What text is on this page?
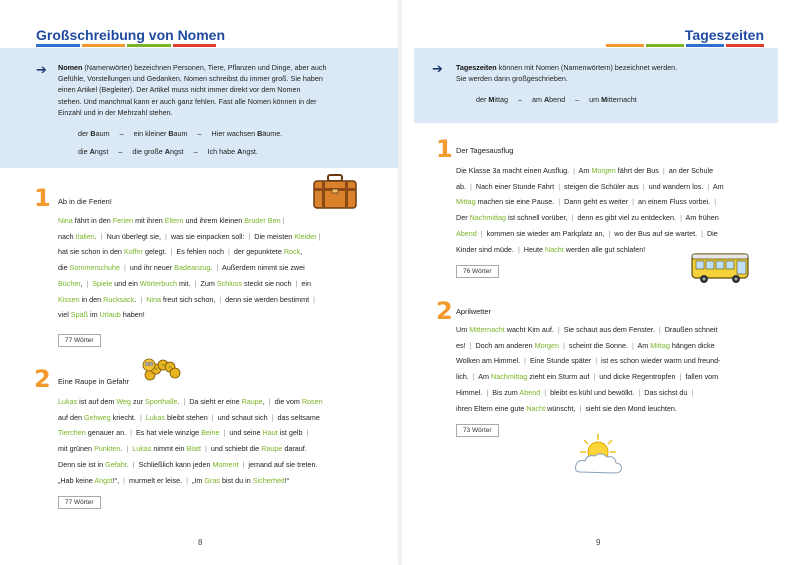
Großschreibung von Nomen
➔ Nomen (Namenwörter) bezeichnen Personen, Tiere, Pflanzen und Dinge, aber auch
Gefühle, Vorstellungen und Gedanken. Nomen schreibst du immer groß. Sie haben
einen Artikel (Begleiter). Der Artikel muss nicht immer direkt vor dem Nomen
stehen. Und manchmal kann er auch ganz fehlen. Fast alle Nomen können in der
Einzahl und in der Mehrzahl stehen.
der Baum – ein kleiner Baum – Hier wachsen Bäume.
die Angst – die große Angst – Ich habe Angst.
1 Ab in die Ferien!
Nina fährt in den Ferien mit ihren Eltern und ihrem kleinen Bruder Ben |
nach Italien. | Nun überlegt sie, | was sie einpacken soll: | Die meisten Kleider |
hat sie schon in den Koffer gelegt. | Es fehlen noch | der gepunktete Rock,
die Sommerschuhe | und ihr neuer Badeanzug. | Außerdem nimmt sie zwei
Bücher, | Spiele und ein Wörterbuch mit. | Zum Schluss steckt sie noch | ein
Kissen in den Rucksack. | Nina freut sich schon, | denn sie werden bestimmt |
viel Spaß im Urlaub haben!
77 Wörter
2 Eine Raupe in Gefahr
Lukas ist auf dem Weg zur Sporthalle. | Da sieht er eine Raupe, | die vom Rosen
auf den Gehweg kriecht. | Lukas bleibt stehen | und schaut sich | das seltsame
Tierchen genauer an. | Es hat viele winzige Beine | und seine Haut ist gelb |
mit grünen Punkten. | Lukas nimmt ein Blatt | und schiebt die Raupe darauf.
Denn sie ist in Gefahr. | Schließlich kann jeden Moment | jemand auf sie treten.
„Hab keine Angst!“, | murmelt er leise. | „Im Gras bist du in Sicherheit!“
77 Wörter
8
Tageszeiten
➔ Tageszeiten können mit Nomen (Namenwörtern) bezeichnet werden.
Sie werden dann großgeschrieben.
der Mittag – am Abend – um Mitternacht
1 Der Tagesausflug
Die Klasse 3a macht einen Ausflug. | Am Morgen fährt der Bus | an der Schule
ab. | Nach einer Stunde Fahrt | steigen die Schüler aus | und wandern los. | Am
Mittag machen sie eine Pause. | Dann geht es weiter | an einem Fluss vorbei. |
Der Nachmittag ist schnell vorüber, | denn es gibt viel zu entdecken. | Am frühen
Abend | kommen sie wieder am Parkplatz an, | wo der Bus auf sie wartet. | Die
Kinder sind müde. | Heute Nacht werden alle gut schlafen!
76 Wörter
2 Aprilwetter
Um Mitternacht wacht Kim auf. | Sie schaut aus dem Fenster. | Draußen schneit
es! | Doch am anderen Morgen | scheint die Sonne. | Am Mittag hängen dicke
Wolken am Himmel. | Eine Stunde später | ist es schon wieder warm und freund-
lich. | Am Nachmittag zieht ein Sturm auf | und dicke Regentropfen | fallen vom
Himmel. | Bis zum Abend | bleibt es kühl und bewölkt. | Das sichst du |
ihren Eltern eine gute Nacht wünscht, | sieht sie den Mond leuchten.
73 Wörter
9
